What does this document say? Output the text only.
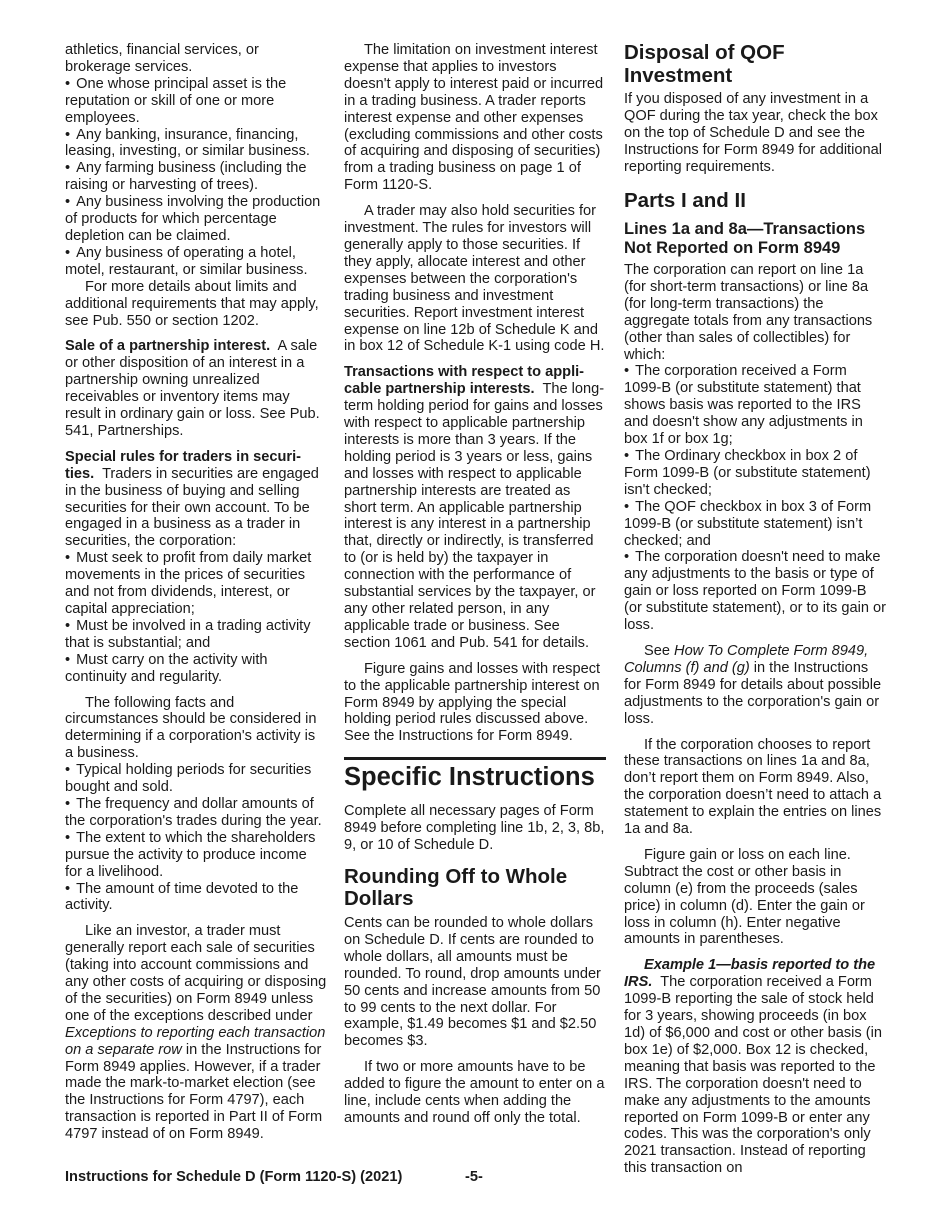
athletics, financial services, or brokerage services.

• One whose principal asset is the reputation or skill of one or more employees.

• Any banking, insurance, financing, leasing, investing, or similar business.

• Any farming business (including the raising or harvesting of trees).

• Any business involving the production of products for which percentage depletion can be claimed.

• Any business of operating a hotel, motel, restaurant, or similar business.

For more details about limits and additional requirements that may apply, see Pub. 550 or section 1202.

Sale of a partnership interest. A sale or other disposition of an interest in a partnership owning unrealized receivables or inventory items may result in ordinary gain or loss. See Pub. 541, Partnerships.

Special rules for traders in securi-ties. Traders in securities are engaged in the business of buying and selling securities for their own account. To be engaged in a business as a trader in securities, the corporation:

• Must seek to profit from daily market movements in the prices of securities and not from dividends, interest, or capital appreciation;

• Must be involved in a trading activity that is substantial; and

• Must carry on the activity with continuity and regularity.

The following facts and circumstances should be considered in determining if a corporation's activity is a business.

• Typical holding periods for securities bought and sold.

• The frequency and dollar amounts of the corporation's trades during the year.

• The extent to which the shareholders pursue the activity to produce income for a livelihood.

• The amount of time devoted to the activity.

Like an investor, a trader must generally report each sale of securities (taking into account commissions and any other costs of acquiring or disposing of the securities) on Form 8949 unless one of the exceptions described under Exceptions to reporting each transaction on a separate row in the Instructions for Form 8949 applies. However, if a trader made the mark-to-market election (see the Instructions for Form 4797), each transaction is reported in Part II of Form 4797 instead of on Form 8949.

The limitation on investment interest expense that applies to investors doesn't apply to interest paid or incurred in a trading business. A trader reports interest expense and other expenses (excluding commissions and other costs of acquiring and disposing of securities) from a trading business on page 1 of Form 1120-S.

A trader may also hold securities for investment. The rules for investors will generally apply to those securities. If they apply, allocate interest and other expenses between the corporation's trading business and investment securities. Report investment interest expense on line 12b of Schedule K and in box 12 of Schedule K-1 using code H.

Transactions with respect to appli-cable partnership interests. The long-term holding period for gains and losses with respect to applicable partnership interests is more than 3 years. If the holding period is 3 years or less, gains and losses with respect to applicable partnership interests are treated as short term. An applicable partnership interest is any interest in a partnership that, directly or indirectly, is transferred to (or is held by) the taxpayer in connection with the performance of substantial services by the taxpayer, or any other related person, in any applicable trade or business. See section 1061 and Pub. 541 for details.

Figure gains and losses with respect to the applicable partnership interest on Form 8949 by applying the special holding period rules discussed above. See the Instructions for Form 8949.

Specific Instructions

Complete all necessary pages of Form 8949 before completing line 1b, 2, 3, 8b, 9, or 10 of Schedule D.

Rounding Off to Whole Dollars

Cents can be rounded to whole dollars on Schedule D. If cents are rounded to whole dollars, all amounts must be rounded. To round, drop amounts under 50 cents and increase amounts from 50 to 99 cents to the next dollar. For example, $1.49 becomes $1 and $2.50 becomes $3.

If two or more amounts have to be added to figure the amount to enter on a line, include cents when adding the amounts and round off only the total.

Disposal of QOF Investment

If you disposed of any investment in a QOF during the tax year, check the box on the top of Schedule D and see the Instructions for Form 8949 for additional reporting requirements.

Parts I and II
Lines 1a and 8a—Transactions Not Reported on Form 8949

The corporation can report on line 1a (for short-term transactions) or line 8a (for long-term transactions) the aggregate totals from any transactions (other than sales of collectibles) for which:

• The corporation received a Form 1099-B (or substitute statement) that shows basis was reported to the IRS and doesn't show any adjustments in box 1f or box 1g;

• The Ordinary checkbox in box 2 of Form 1099-B (or substitute statement) isn't checked;

• The QOF checkbox in box 3 of Form 1099-B (or substitute statement) isn’t checked; and

• The corporation doesn't need to make any adjustments to the basis or type of gain or loss reported on Form 1099-B (or substitute statement), or to its gain or loss.

See How To Complete Form 8949, Columns (f) and (g) in the Instructions for Form 8949 for details about possible adjustments to the corporation's gain or loss.

If the corporation chooses to report these transactions on lines 1a and 8a, don’t report them on Form 8949. Also, the corporation doesn’t need to attach a statement to explain the entries on lines 1a and 8a.

Figure gain or loss on each line. Subtract the cost or other basis in column (e) from the proceeds (sales price) in column (d). Enter the gain or loss in column (h). Enter negative amounts in parentheses.

Example 1—basis reported to the IRS. The corporation received a Form 1099-B reporting the sale of stock held for 3 years, showing proceeds (in box 1d) of $6,000 and cost or other basis (in box 1e) of $2,000. Box 12 is checked, meaning that basis was reported to the IRS. The corporation doesn't need to make any adjustments to the amounts reported on Form 1099-B or enter any codes. This was the corporation's only 2021 transaction. Instead of reporting this transaction on

Instructions for Schedule D (Form 1120-S) (2021)	-5-
